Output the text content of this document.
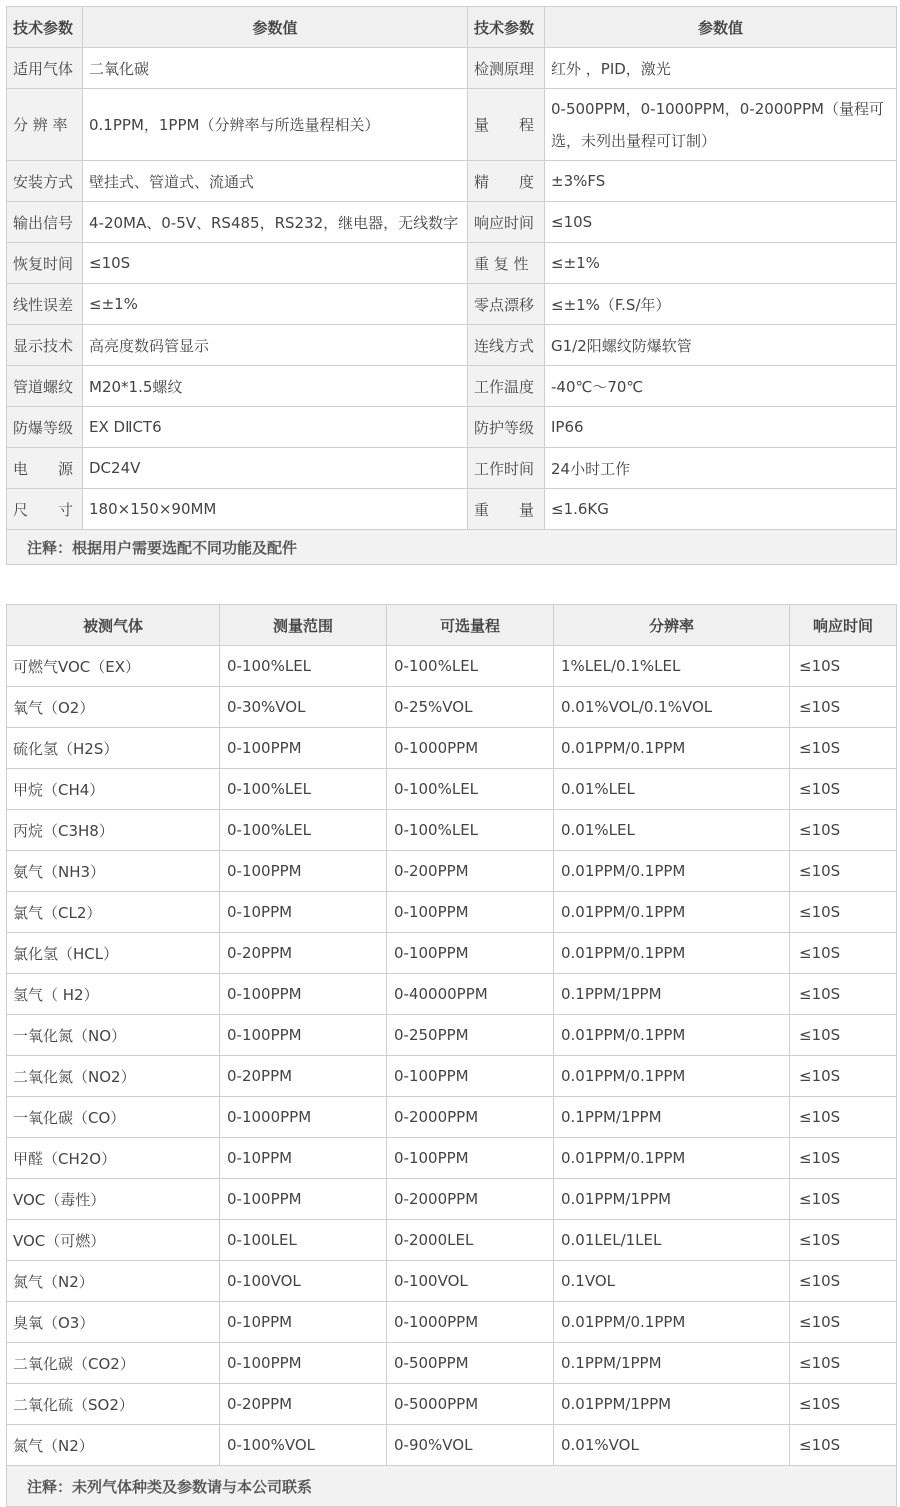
技术参数	参数值	技术参数	参数值
适用气体	二氧化碳	检测原理	红外 ，PID，激光
分 辨 率	0.1PPM，1PPM（分辨率与所选量程相关）	量　　程	0-500PPM，0-1000PPM，0-2000PPM（量程可选，未列出量程可订制）
安装方式	壁挂式、管道式、流通式	精　　度	±3%FS
输出信号	4-20MA、0-5V、RS485，RS232，继电器，无线数字	响应时间	≤10S
恢复时间	≤10S	重 复 性	≤±1%
线性误差	≤±1%	零点漂移	≤±1%（F.S/年）
显示技术	高亮度数码管显示	连线方式	G1/2阳螺纹防爆软管
管道螺纹	M20*1.5螺纹	工作温度	-40℃～70℃
防爆等级	EX DⅡCT6	防护等级	IP66
电　　源	DC24V	工作时间	24小时工作
尺　　寸	180×150×90MM	重　　量	≤1.6KG
注释：根据用户需要选配不同功能及配件			
被测气体	测量范围	可选量程	分辨率	响应时间
可燃气VOC（EX）	0-100%LEL	0-100%LEL	1%LEL/0.1%LEL	≤10S
氧气（O2）	0-30%VOL	0-25%VOL	0.01%VOL/0.1%VOL	≤10S
硫化氢（H2S）	0-100PPM	0-1000PPM	0.01PPM/0.1PPM	≤10S
甲烷（CH4）	0-100%LEL	0-100%LEL	0.01%LEL	≤10S
丙烷（C3H8）	0-100%LEL	0-100%LEL	0.01%LEL	≤10S
氨气（NH3）	0-100PPM	0-200PPM	0.01PPM/0.1PPM	≤10S
氯气（CL2）	0-10PPM	0-100PPM	0.01PPM/0.1PPM	≤10S
氯化氢（HCL）	0-20PPM	0-100PPM	0.01PPM/0.1PPM	≤10S
氢气（ H2）	0-100PPM	0-40000PPM	0.1PPM/1PPM	≤10S
一氧化氮（NO）	0-100PPM	0-250PPM	0.01PPM/0.1PPM	≤10S
二氧化氮（NO2）	0-20PPM	0-100PPM	0.01PPM/0.1PPM	≤10S
一氧化碳（CO）	0-1000PPM	0-2000PPM	0.1PPM/1PPM	≤10S
甲醛（CH2O）	0-10PPM	0-100PPM	0.01PPM/0.1PPM	≤10S
VOC（毒性）	0-100PPM	0-2000PPM	0.01PPM/1PPM	≤10S
VOC（可燃）	0-100LEL	0-2000LEL	0.01LEL/1LEL	≤10S
氮气（N2）	0-100VOL	0-100VOL	0.1VOL	≤10S
臭氧（O3）	0-10PPM	0-1000PPM	0.01PPM/0.1PPM	≤10S
二氧化碳（CO2）	0-100PPM	0-500PPM	0.1PPM/1PPM	≤10S
二氧化硫（SO2）	0-20PPM	0-5000PPM	0.01PPM/1PPM	≤10S
氮气（N2）	0-100%VOL	0-90%VOL	0.01%VOL	≤10S
注释：未列气体种类及参数请与本公司联系				
